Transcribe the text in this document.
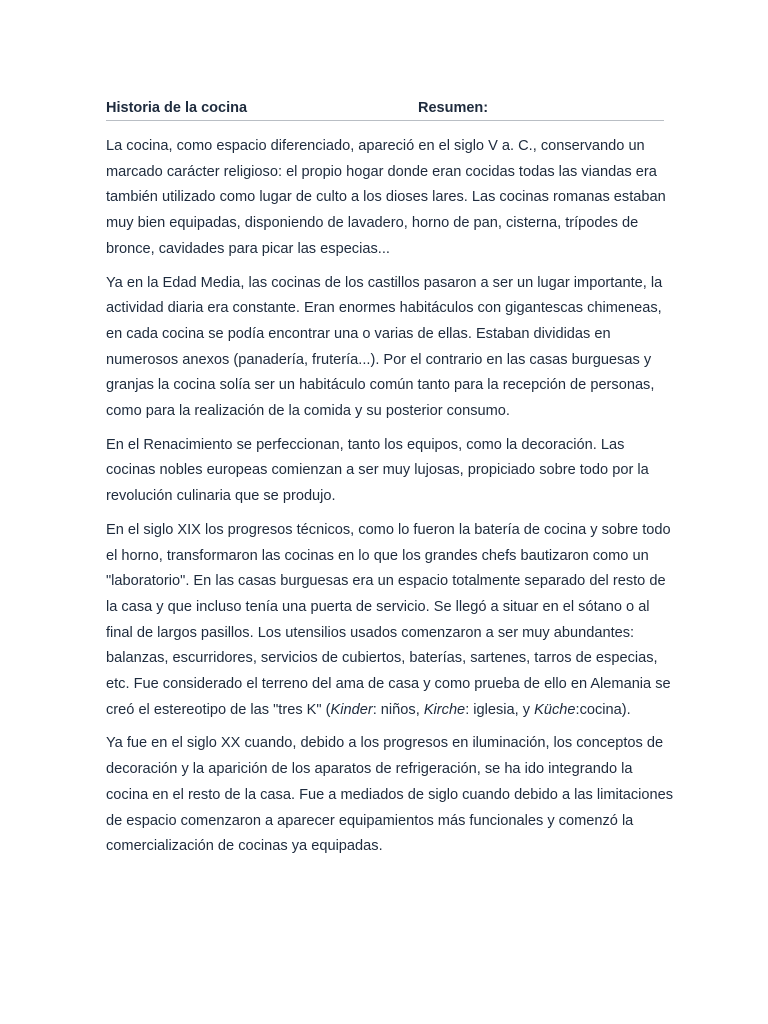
Historia de la cocina	Resumen:

La cocina, como espacio diferenciado, apareció en el siglo V a. C., conservando un marcado carácter religioso: el propio hogar donde eran cocidas todas las viandas era también utilizado como lugar de culto a los dioses lares. Las cocinas romanas estaban muy bien equipadas, disponiendo de lavadero, horno de pan, cisterna, trípodes de bronce, cavidades para picar las especias...

Ya en la Edad Media, las cocinas de los castillos pasaron a ser un lugar importante, la actividad diaria era constante. Eran enormes habitáculos con gigantescas chimeneas, en cada cocina se podía encontrar una o varias de ellas. Estaban divididas en numerosos anexos (panadería, frutería...). Por el contrario en las casas burguesas y granjas la cocina solía ser un habitáculo común tanto para la recepción de personas, como para la realización de la comida y su posterior consumo.

En el Renacimiento se perfeccionan, tanto los equipos, como la decoración. Las cocinas nobles europeas comienzan a ser muy lujosas, propiciado sobre todo por la revolución culinaria que se produjo.

En el siglo XIX los progresos técnicos, como lo fueron la batería de cocina y sobre todo el horno, transformaron las cocinas en lo que los grandes chefs bautizaron como un "laboratorio". En las casas burguesas era un espacio totalmente separado del resto de la casa y que incluso tenía una puerta de servicio. Se llegó a situar en el sótano o al final de largos pasillos. Los utensilios usados comenzaron a ser muy abundantes: balanzas, escurridores, servicios de cubiertos, baterías, sartenes, tarros de especias, etc. Fue considerado el terreno del ama de casa y como prueba de ello en Alemania se creó el estereotipo de las "tres K" (Kinder: niños, Kirche: iglesia, y Küche:cocina).

Ya fue en el siglo XX cuando, debido a los progresos en iluminación, los conceptos de decoración y la aparición de los aparatos de refrigeración, se ha ido integrando la cocina en el resto de la casa. Fue a mediados de siglo cuando debido a las limitaciones de espacio comenzaron a aparecer equipamientos más funcionales y comenzó la comercialización de cocinas ya equipadas.
